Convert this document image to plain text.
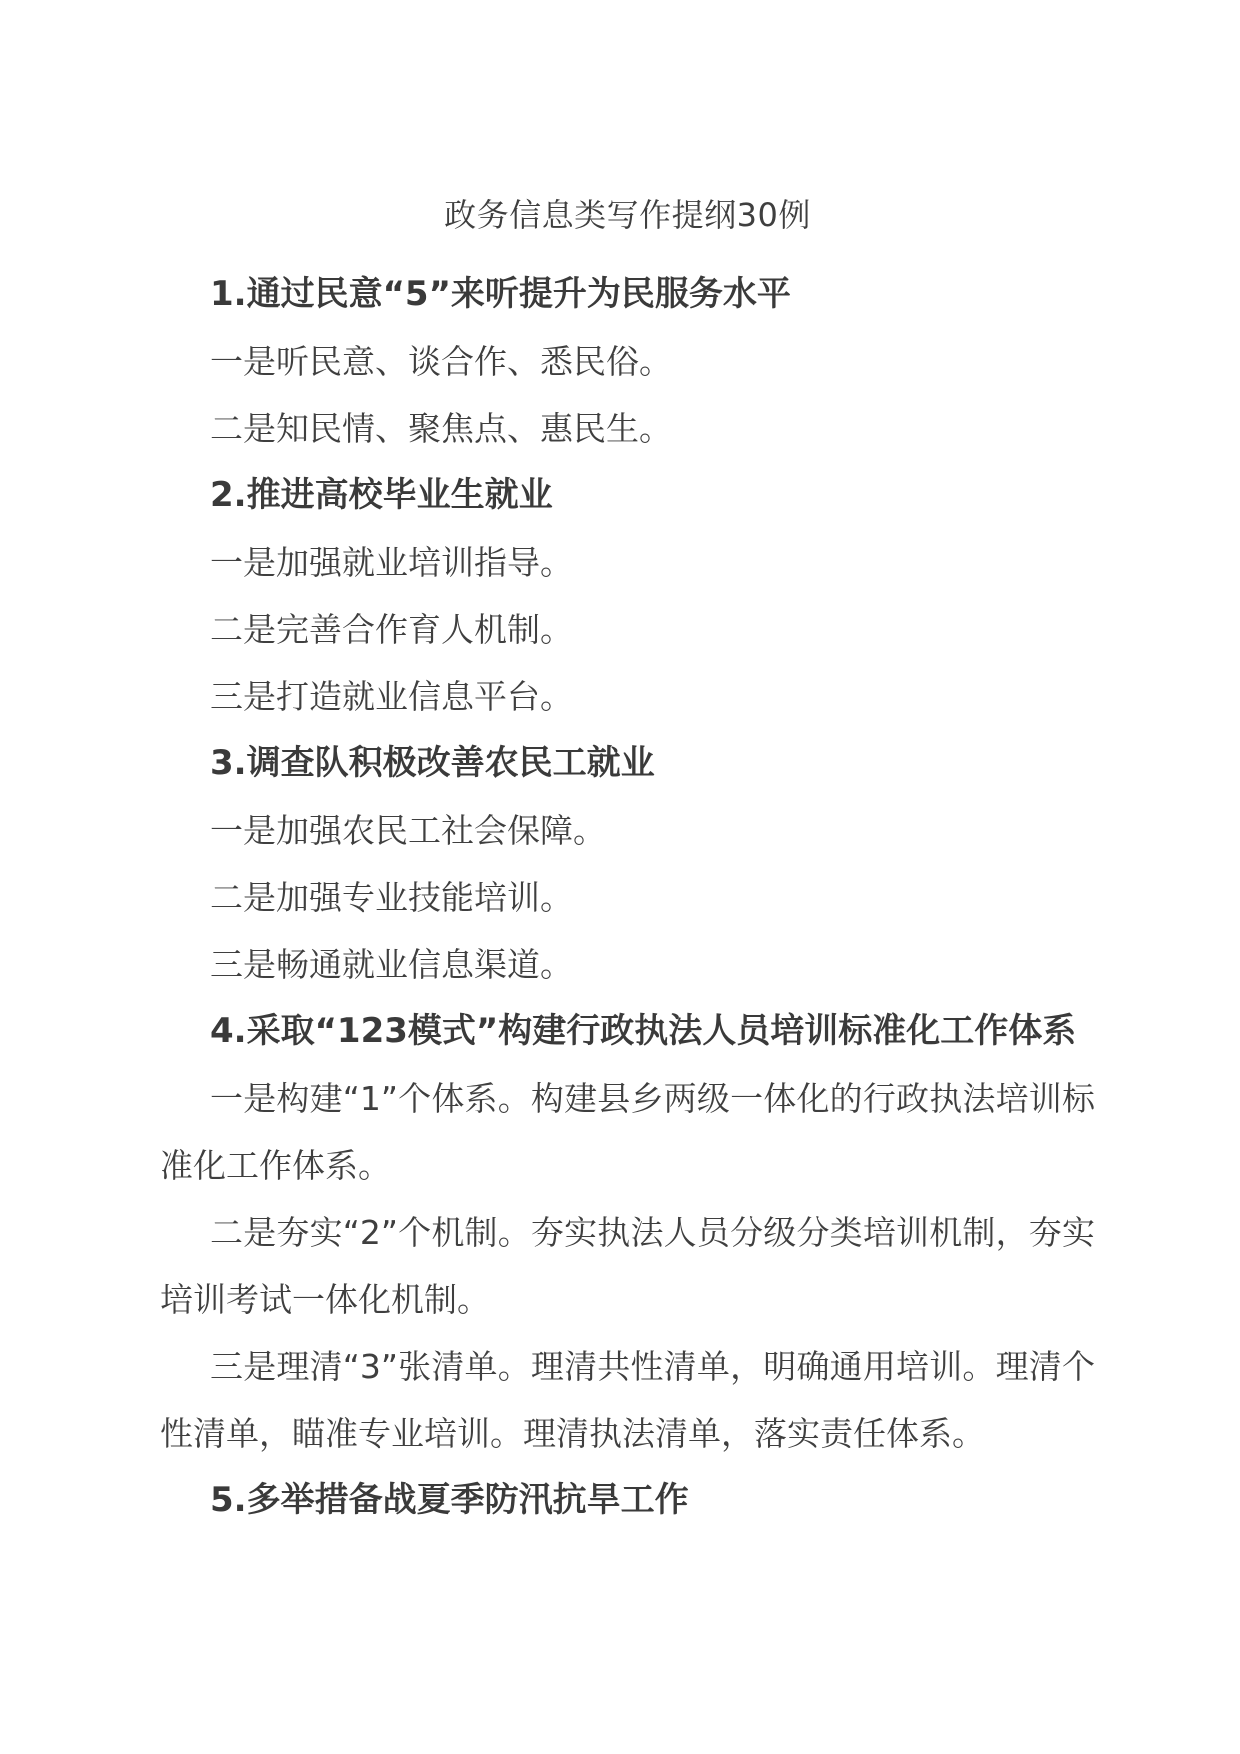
政务信息类写作提纲30例

1.通过民意“5”来听提升为民服务水平

一是听民意、谈合作、悉民俗。

二是知民情、聚焦点、惠民生。

2.推进高校毕业生就业

一是加强就业培训指导。

二是完善合作育人机制。

三是打造就业信息平台。

3.调查队积极改善农民工就业

一是加强农民工社会保障。

二是加强专业技能培训。

三是畅通就业信息渠道。

4.采取“123模式”构建行政执法人员培训标准化工作体系

一是构建“1”个体系。构建县乡两级一体化的行政执法培训标准化工作体系。

二是夯实“2”个机制。夯实执法人员分级分类培训机制，夯实培训考试一体化机制。

三是理清“3”张清单。理清共性清单，明确通用培训。理清个性清单，瞄准专业培训。理清执法清单，落实责任体系。

5.多举措备战夏季防汛抗旱工作
